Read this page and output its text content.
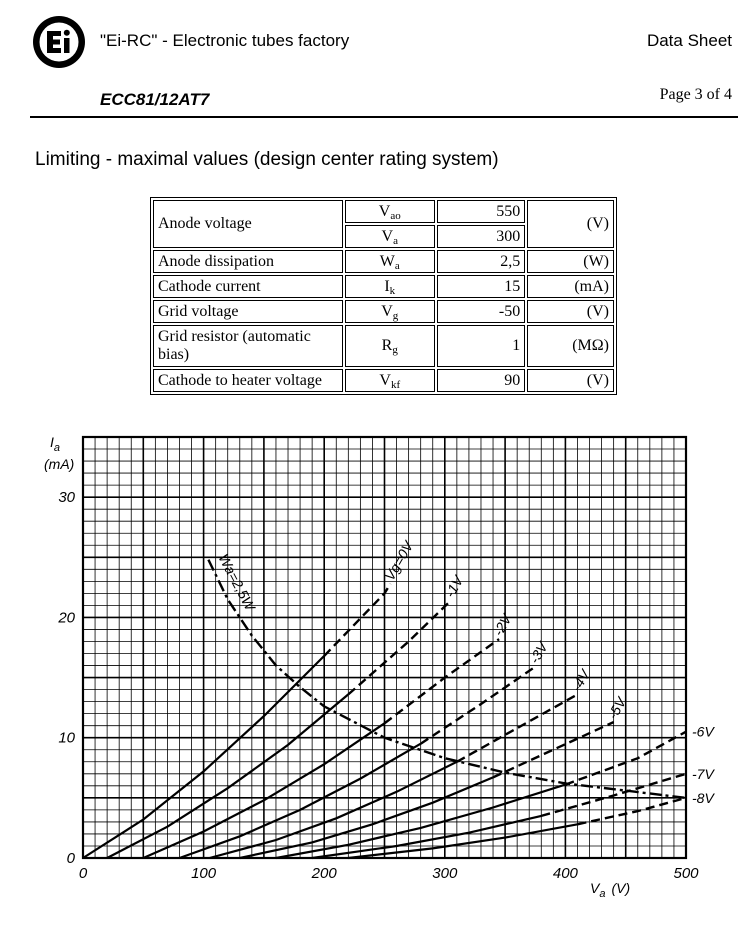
"Ei-RC" - Electronic tubes factory	Data Sheet
ECC81/12AT7	Page 3 of 4
Limiting - maximal values (design center rating system)
Anode voltage	$V_{ao}$	550	(V)
	$V_a$	300	
Anode dissipation	$W_a$	2,5	(W)
Cathode current	$I_k$	15	(mA)
Grid voltage	$V_g$	-50	(V)
Grid resistor (automatic bias)	$R_g$	1	(MΩ)
Cathode to heater voltage	$V_{kf}$	90	(V)
0	100	200	300	400	500
0
10
20
30
Vg=0V
-1V
-2V
-3V
-4V
-5V
-6V
-7V
-8V
Wa=2,5W
$I_a$
(mA)
$V_a$ (V)
